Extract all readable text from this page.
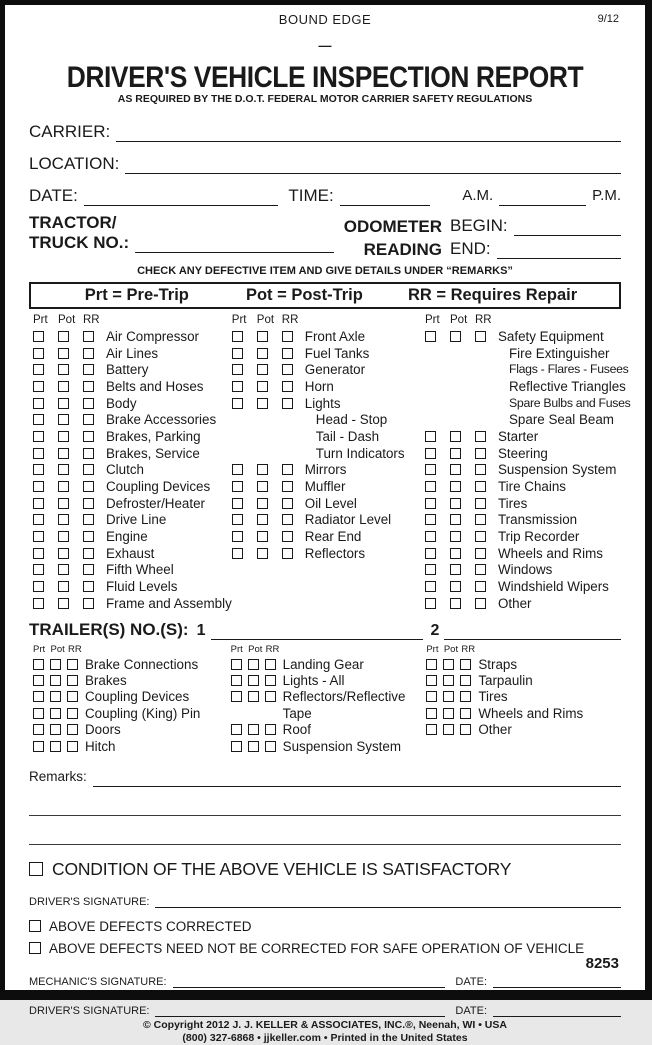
BOUND EDGE	9/12
—
DRIVER'S VEHICLE INSPECTION REPORT
AS REQUIRED BY THE D.O.T. FEDERAL MOTOR CARRIER SAFETY REGULATIONS
CARRIER:
LOCATION:
DATE:	TIME:	A.M.	P.M.
TRACTOR/
TRUCK NO.:
ODOMETER
READING
BEGIN:
END:
CHECK ANY DEFECTIVE ITEM AND GIVE DETAILS UNDER “REMARKS”
Prt = Pre-Trip	Pot = Post-Trip	RR = Requires Repair
Prt Pot RR
Air Compressor
Air Lines
Battery
Belts and Hoses
Body
Brake Accessories
Brakes, Parking
Brakes, Service
Clutch
Coupling Devices
Defroster/Heater
Drive Line
Engine
Exhaust
Fifth Wheel
Fluid Levels
Frame and Assembly
Prt Pot RR
Front Axle
Fuel Tanks
Generator
Horn
Lights
Head - Stop
Tail - Dash
Turn Indicators
Mirrors
Muffler
Oil Level
Radiator Level
Rear End
Reflectors
Prt Pot RR
Safety Equipment
Fire Extinguisher
Flags - Flares - Fusees
Reflective Triangles
Spare Bulbs and Fuses
Spare Seal Beam
Starter
Steering
Suspension System
Tire Chains
Tires
Transmission
Trip Recorder
Wheels and Rims
Windows
Windshield Wipers
Other
TRAILER(S) NO.(S): 1	2
Prt Pot RR
Brake Connections
Brakes
Coupling Devices
Coupling (King) Pin
Doors
Hitch
Prt Pot RR
Landing Gear
Lights - All
Reflectors/Reflective
Tape
Roof
Suspension System
Prt Pot RR
Straps
Tarpaulin
Tires
Wheels and Rims
Other
Remarks:
CONDITION OF THE ABOVE VEHICLE IS SATISFACTORY
DRIVER'S SIGNATURE:
ABOVE DEFECTS CORRECTED
ABOVE DEFECTS NEED NOT BE CORRECTED FOR SAFE OPERATION OF VEHICLE
MECHANIC'S SIGNATURE:	DATE:
DRIVER'S SIGNATURE:	DATE:
© Copyright 2012 J. J. KELLER & ASSOCIATES, INC.®, Neenah, WI • USA
(800) 327-6868 • jjkeller.com • Printed in the United States
8253
